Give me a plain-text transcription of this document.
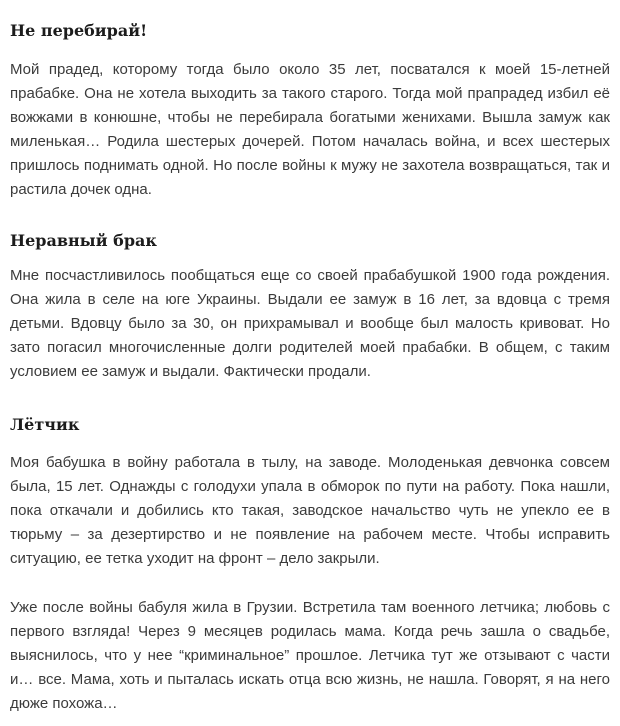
Не перебирай!

Мой прадед, которому тогда было около 35 лет, посватался к моей 15-летней прабабке. Она не хотела выходить за такого старого. Тогда мой прапрадед избил её вожжами в конюшне, чтобы не перебирала богатыми женихами. Вышла замуж как миленькая… Родила шестерых дочерей. Потом началась война, и всех шестерых пришлось поднимать одной. Но после войны к мужу не захотела возвращаться, так и растила дочек одна.

Неравный брак

Мне посчастливилось пообщаться еще со своей прабабушкой 1900 года рождения. Она жила в селе на юге Украины. Выдали ее замуж в 16 лет, за вдовца с тремя детьми. Вдовцу было за 30, он прихрамывал и вообще был малость кривоват. Но зато погасил многочисленные долги родителей моей прабабки. В общем, с таким условием ее замуж и выдали. Фактически продали.

Лётчик

Моя бабушка в войну работала в тылу, на заводе. Молоденькая девчонка совсем была, 15 лет. Однажды с голодухи упала в обморок по пути на работу. Пока нашли, пока откачали и добились кто такая, заводское начальство чуть не упекло ее в тюрьму – за дезертирство и не появление на рабочем месте. Чтобы исправить ситуацию, ее тетка уходит на фронт – дело закрыли.

Уже после войны бабуля жила в Грузии. Встретила там военного летчика; любовь с первого взгляда! Через 9 месяцев родилась мама. Когда речь зашла о свадьбе, выяснилось, что у нее “криминальное” прошлое. Летчика тут же отзывают с части и… все. Мама, хоть и пыталась искать отца всю жизнь, не нашла. Говорят, я на него дюже похожа…
